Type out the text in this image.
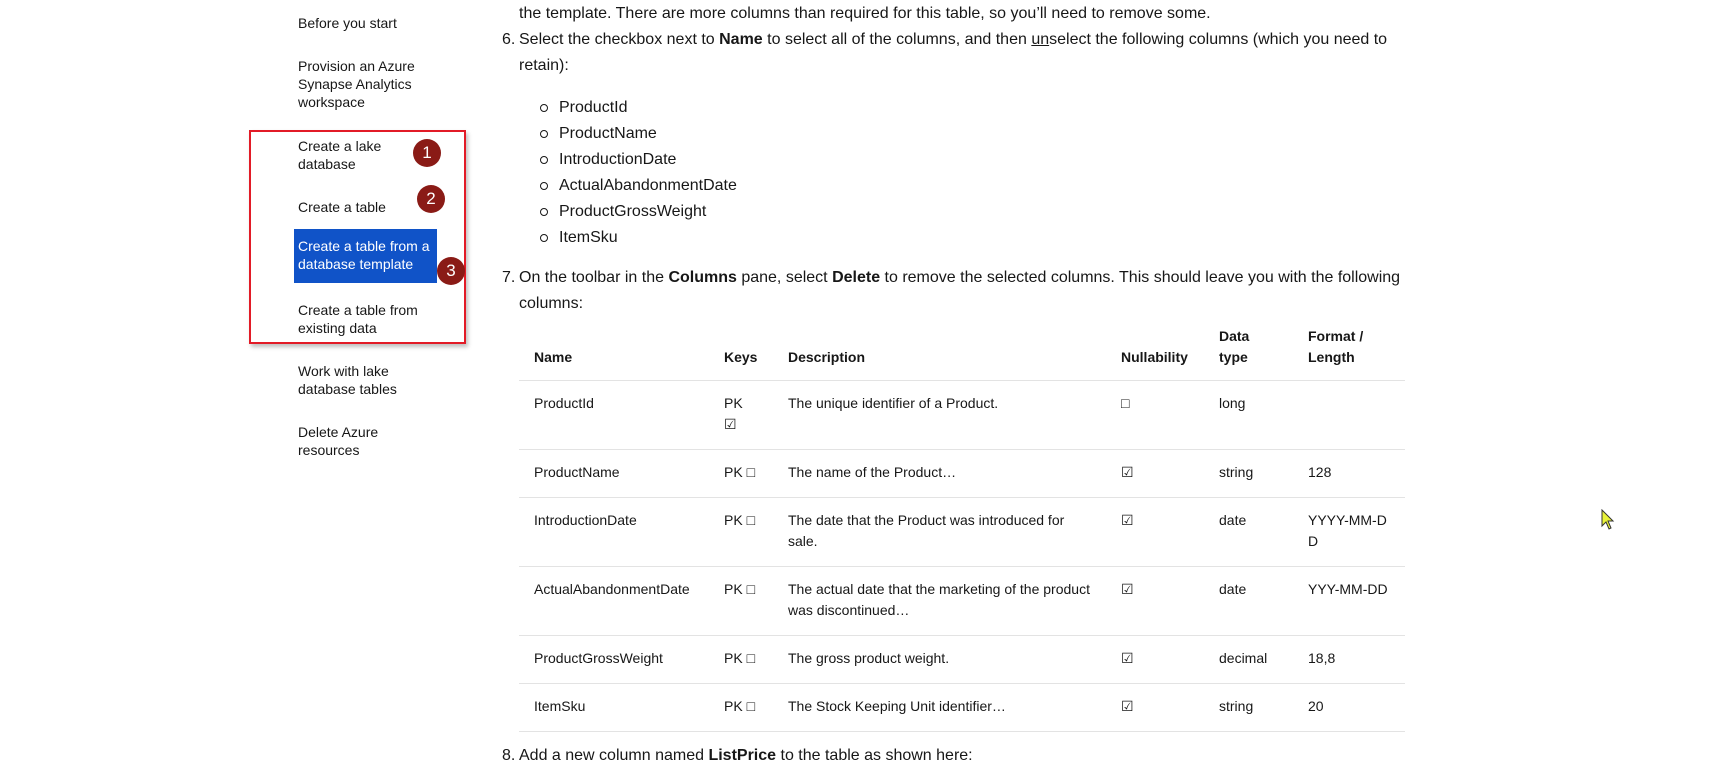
Before you start
Provision an Azure Synapse Analytics workspace
Create a lake database
Create a table
Create a table from a database template
Create a table from existing data
Work with lake database tables
Delete Azure resources
1
2
3
the template. There are more columns than required for this table, so you’ll need to remove some.
6. Select the checkbox next to Name to select all of the columns, and then unselect the following columns (which you need to
retain):
ProductId
ProductName
IntroductionDate
ActualAbandonmentDate
ProductGrossWeight
ItemSku
7. On the toolbar in the Columns pane, select Delete to remove the selected columns. This should leave you with the following
columns:
Name	Keys	Description	Nullability	Data type	Format / Length
ProductId	PK ☑	The unique identifier of a Product.	□	long	
ProductName	PK □	The name of the Product…	☑	string	128
IntroductionDate	PK □	The date that the Product was introduced for sale.	☑	date	YYYY-MM-DD
ActualAbandonmentDate	PK □	The actual date that the marketing of the product was discontinued…	☑	date	YYY-MM-DD
ProductGrossWeight	PK □	The gross product weight.	☑	decimal	18,8
ItemSku	PK □	The Stock Keeping Unit identifier…	☑	string	20
8. Add a new column named ListPrice to the table as shown here:
